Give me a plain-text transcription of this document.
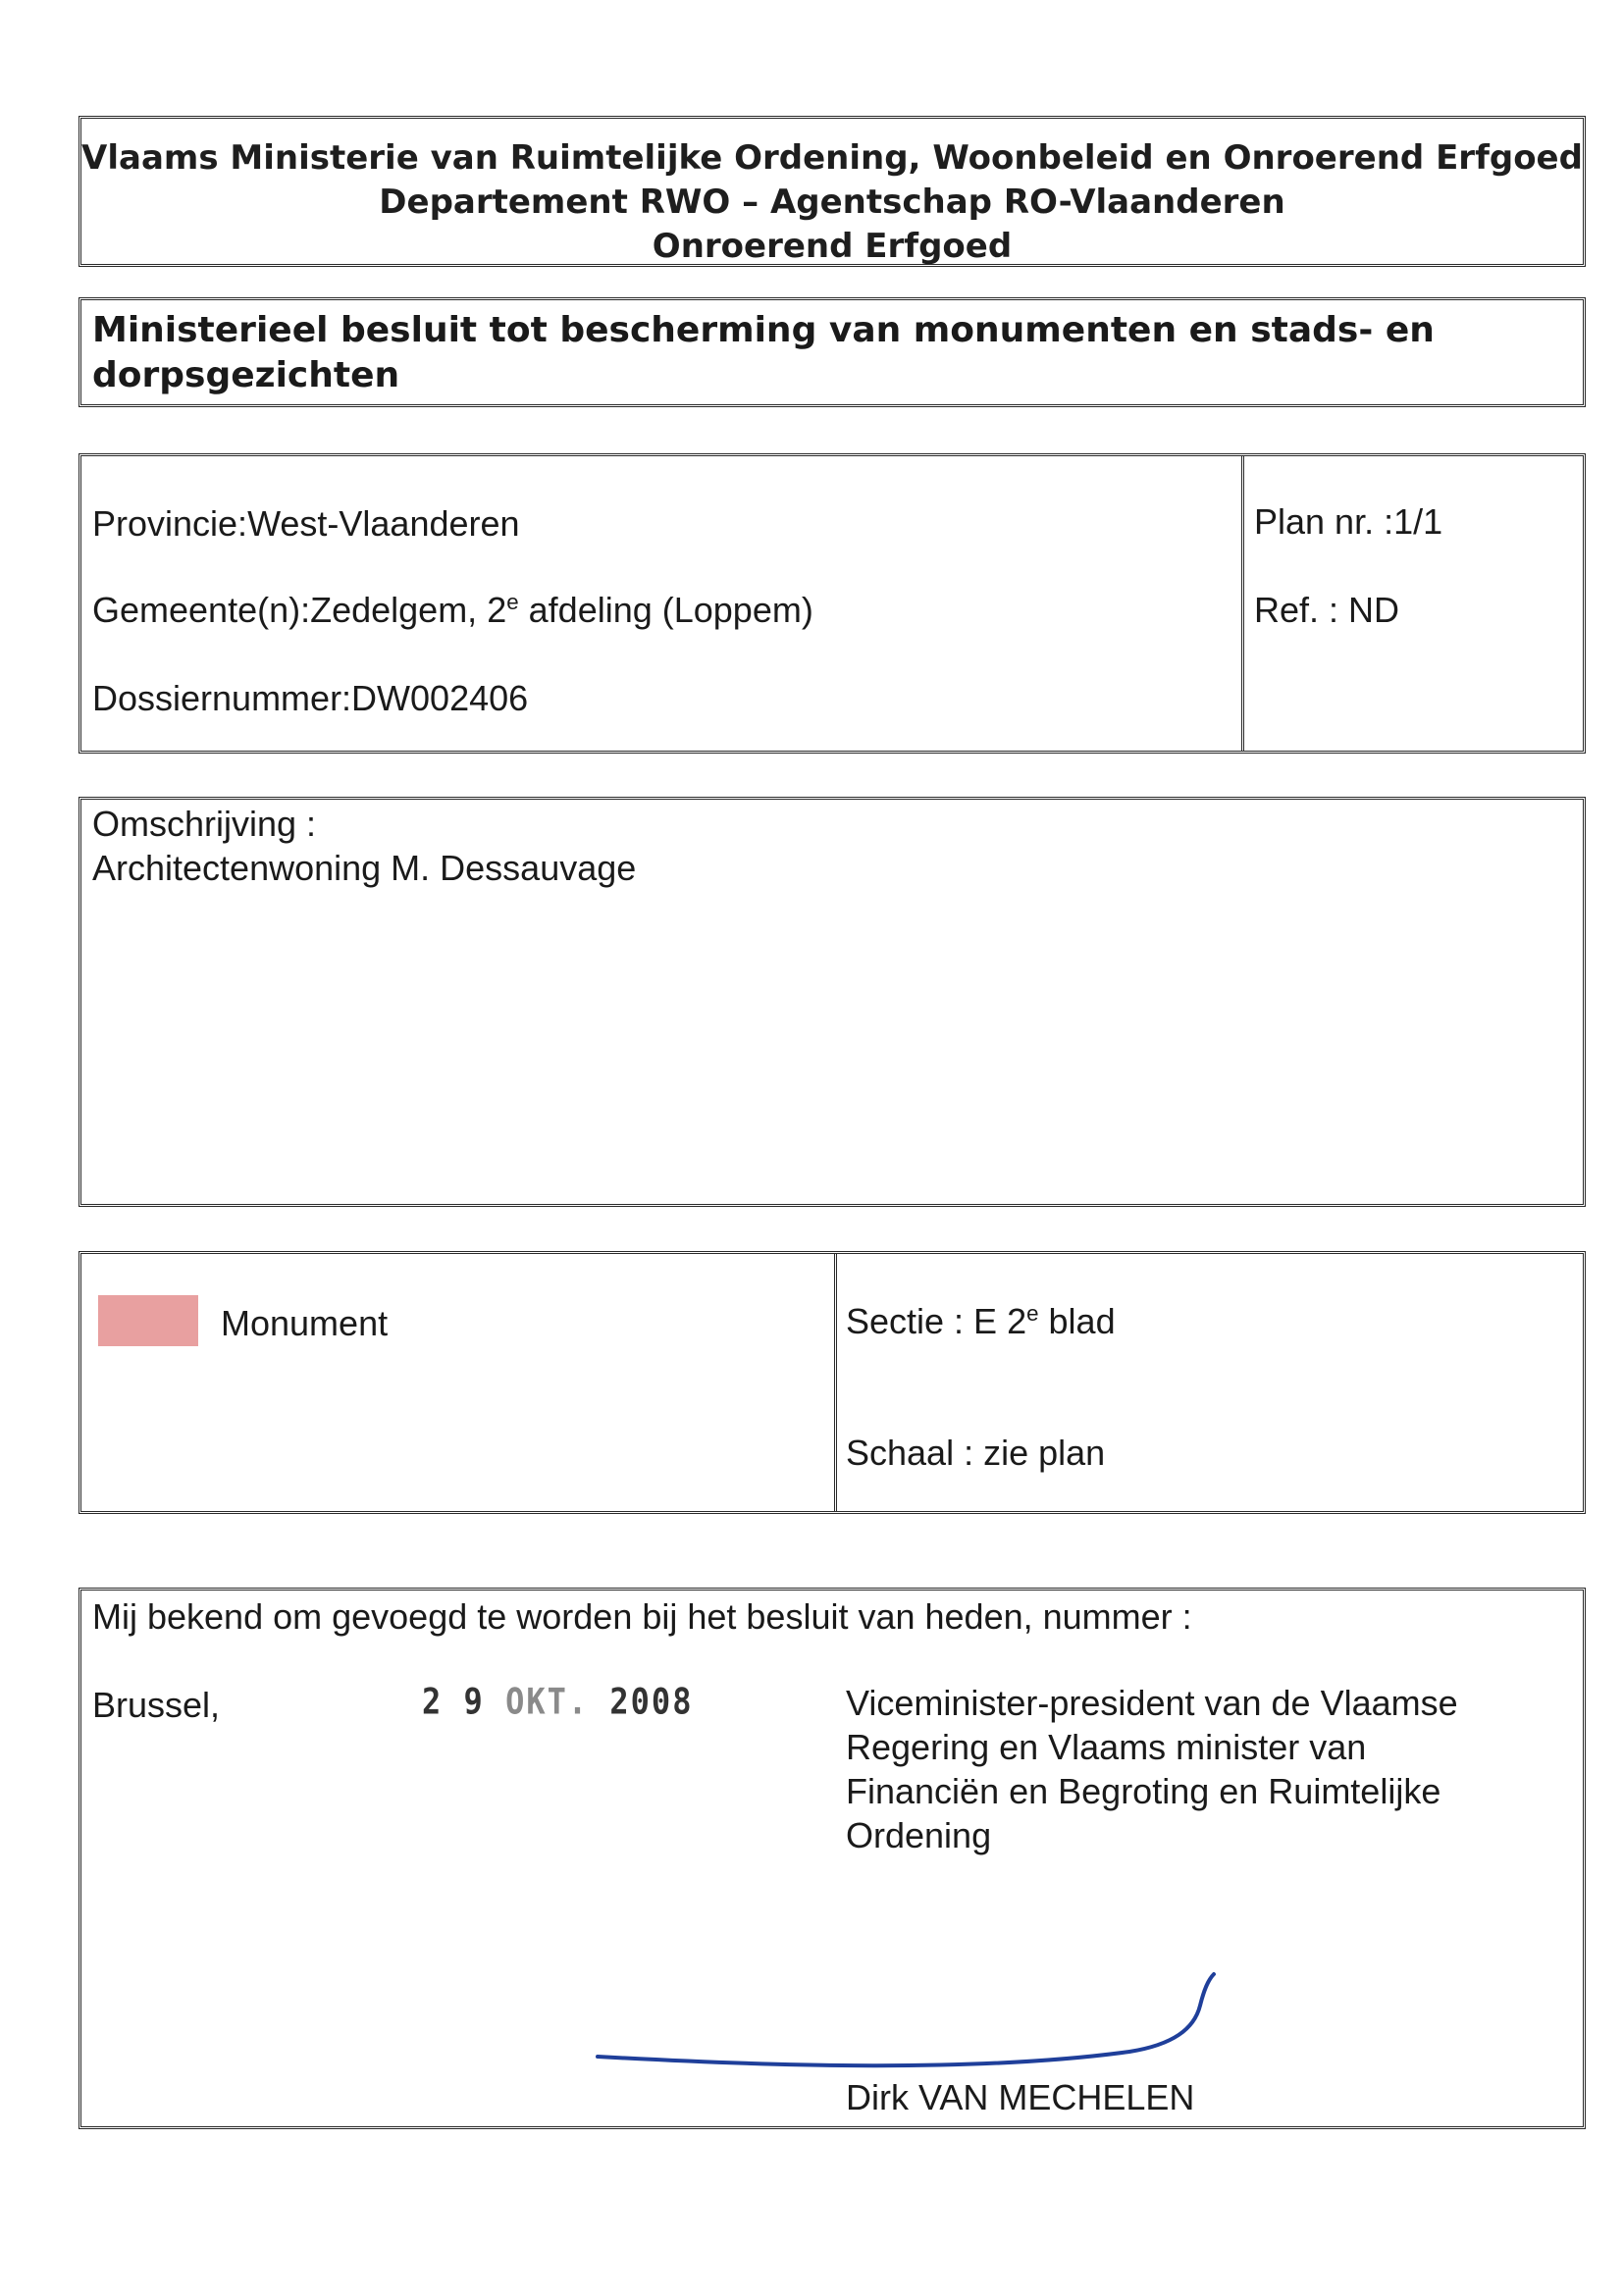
Vlaams Ministerie van Ruimtelijke Ordening, Woonbeleid en Onroerend Erfgoed
Departement RWO – Agentschap RO-Vlaanderen
Onroerend Erfgoed
Ministerieel besluit tot bescherming van monumenten en stads- en dorpsgezichten
Provincie:West-Vlaanderen
Gemeente(n):Zedelgem, 2e afdeling (Loppem)
Dossiernummer:DW002406
Plan nr. :1/1
Ref. : ND
Omschrijving :
Architectenwoning M. Dessauvage
Monument	Sectie : E 2e blad
Schaal : zie plan
Mij bekend om gevoegd te worden bij het besluit van heden, nummer :
Brussel,	2 9 OKT. 2008	Viceminister-president van de Vlaamse
Regering en Vlaams minister van
Financiën en Begroting en Ruimtelijke
Ordening
Dirk VAN MECHELEN
